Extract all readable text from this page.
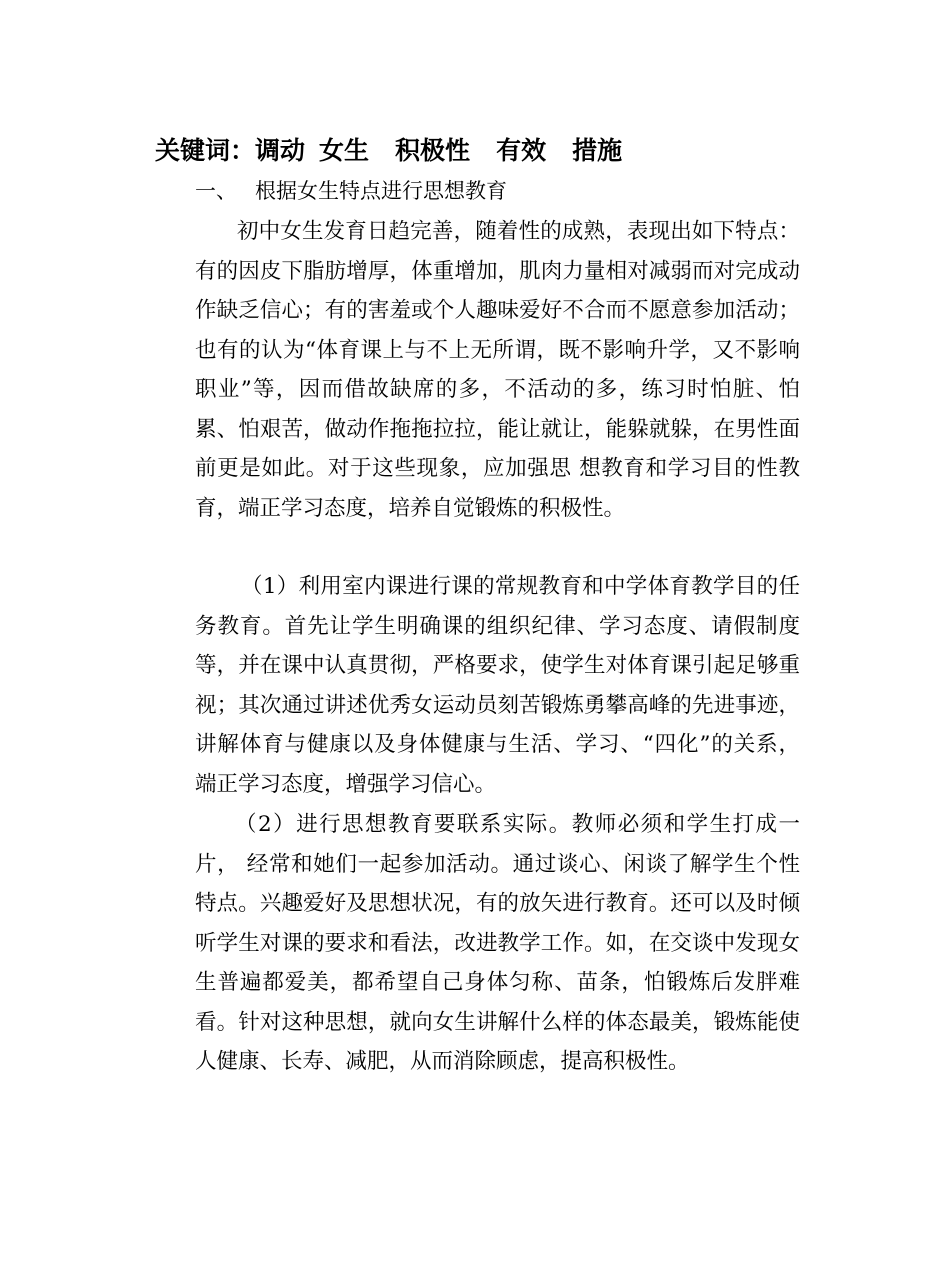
关键词：调动 女生 积极性 有效 措施
一、 根据女生特点进行思想教育

初中女生发育日趋完善，随着性的成熟，表现出如下特点：有的因皮下脂肪增厚，体重增加，肌肉力量相对减弱而对完成动作缺乏信心；有的害羞或个人趣味爱好不合而不愿意参加活动；也有的认为“体育课上与不上无所谓，既不影响升学，又不影响职业”等，因而借故缺席的多，不活动的多，练习时怕脏、怕累、怕艰苦，做动作拖拖拉拉，能让就让，能躲就躲，在男性面前更是如此。对于这些现象，应加强思 想教育和学习目的性教育，端正学习态度，培养自觉锻炼的积极性。

（1）利用室内课进行课的常规教育和中学体育教学目的任务教育。首先让学生明确课的组织纪律、学习态度、请假制度等，并在课中认真贯彻，严格要求，使学生对体育课引起足够重视；其次通过讲述优秀女运动员刻苦锻炼勇攀高峰的先进事迹， 讲解体育与健康以及身体健康与生活、学习、“四化”的关系， 端正学习态度，增强学习信心。

（2）进行思想教育要联系实际。教师必须和学生打成一片， 经常和她们一起参加活动。通过谈心、闲谈了解学生个性特点。兴趣爱好及思想状况，有的放矢进行教育。还可以及时倾听学生对课的要求和看法，改进教学工作。如，在交谈中发现女生普遍都爱美，都希望自己身体匀称、苗条，怕锻炼后发胖难看。针对这种思想，就向女生讲解什么样的体态最美，锻炼能使人健康、长寿、减肥，从而消除顾虑，提高积极性。
